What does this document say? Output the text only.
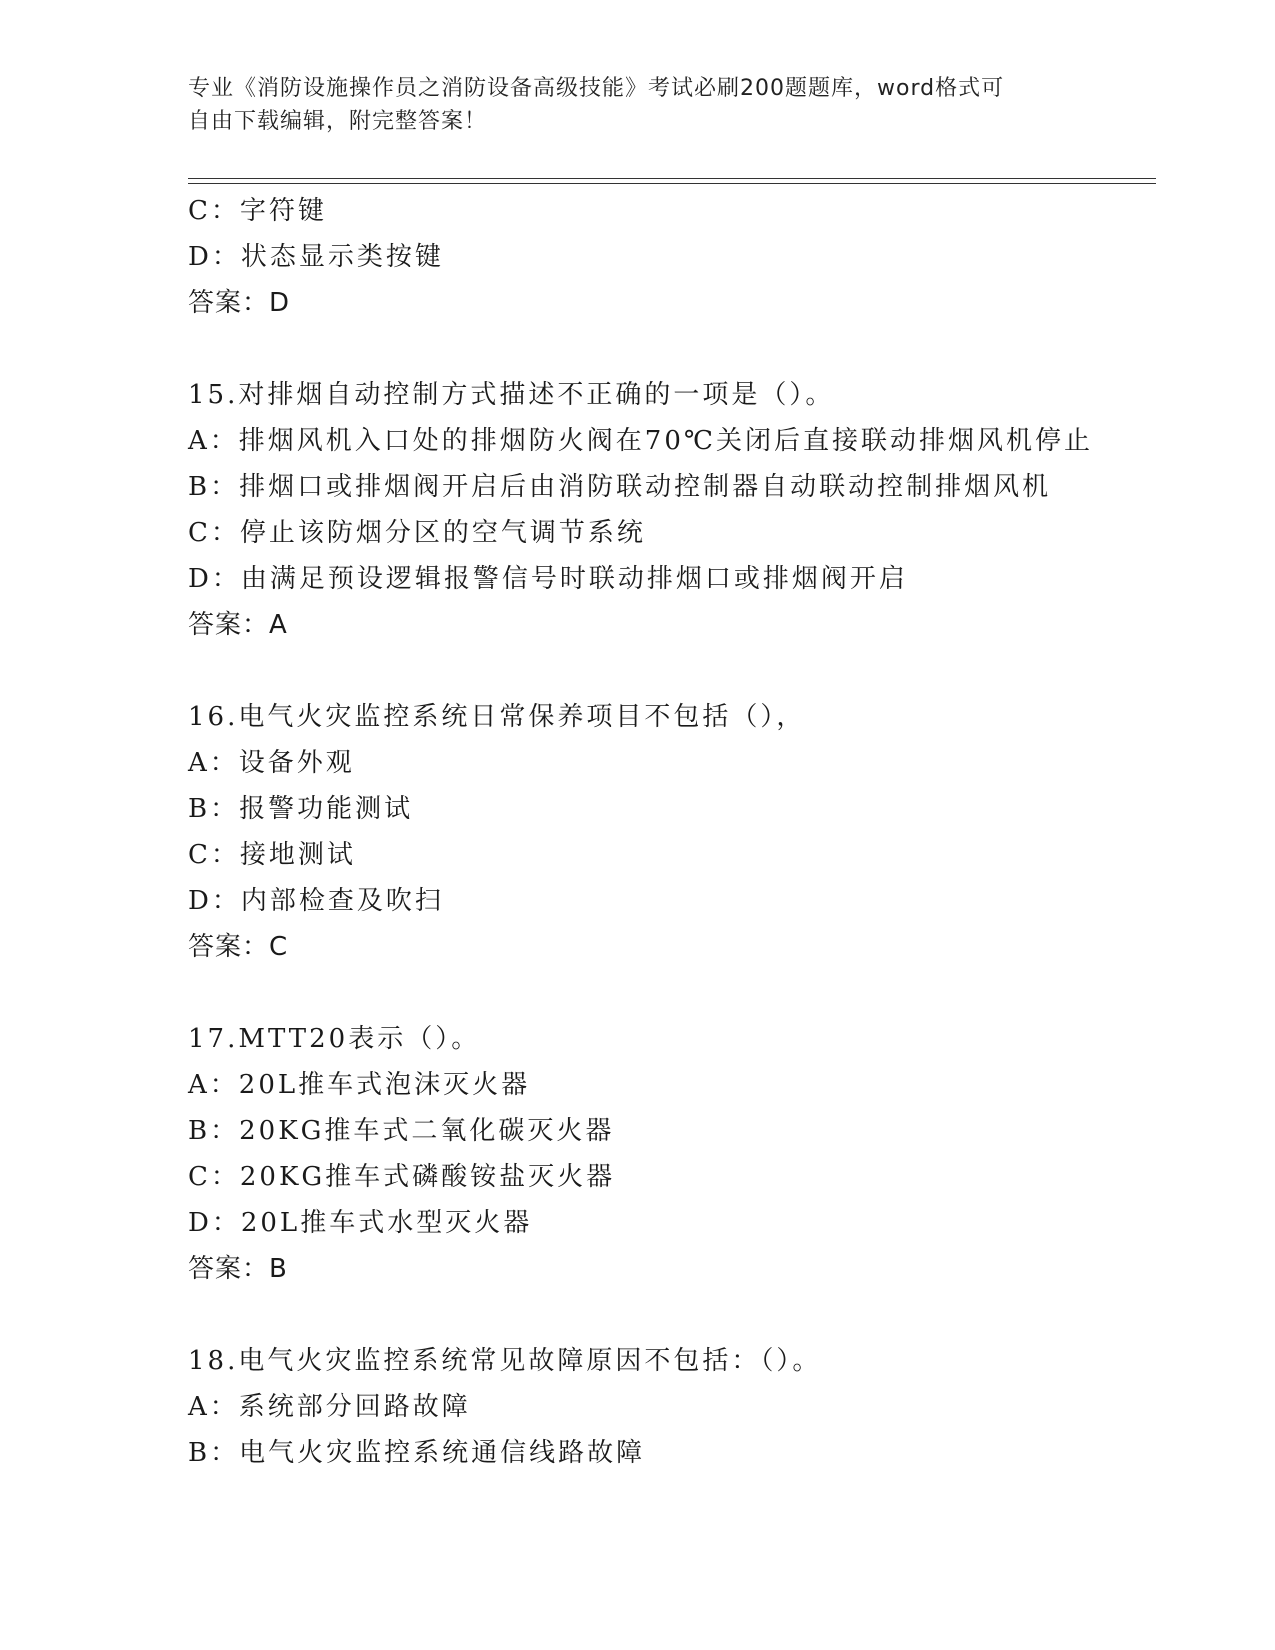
专业《消防设施操作员之消防设备高级技能》考试必刷200题题库，word格式可
自由下载编辑，附完整答案！
C：字符键
D：状态显示类按键
答案：D
15.对排烟自动控制方式描述不正确的一项是（）。
A：排烟风机入口处的排烟防火阀在70℃关闭后直接联动排烟风机停止
B：排烟口或排烟阀开启后由消防联动控制器自动联动控制排烟风机
C：停止该防烟分区的空气调节系统
D：由满足预设逻辑报警信号时联动排烟口或排烟阀开启
答案：A
16.电气火灾监控系统日常保养项目不包括（），
A：设备外观
B：报警功能测试
C：接地测试
D：内部检查及吹扫
答案：C
17.MTT20表示（）。
A：20L推车式泡沫灭火器
B：20KG推车式二氧化碳灭火器
C：20KG推车式磷酸铵盐灭火器
D：20L推车式水型灭火器
答案：B
18.电气火灾监控系统常见故障原因不包括：（）。
A：系统部分回路故障
B：电气火灾监控系统通信线路故障
